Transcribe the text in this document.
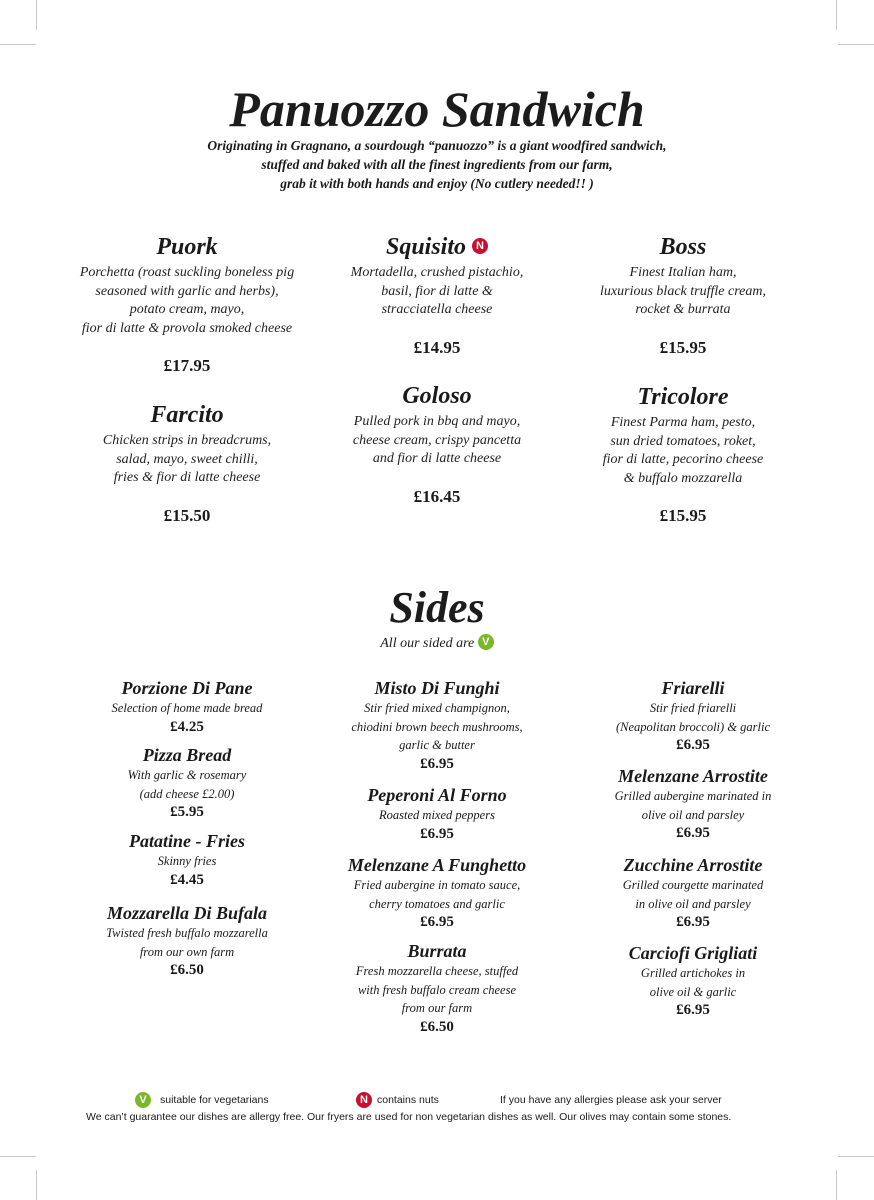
Panuozzo Sandwich
Originating in Gragnano, a sourdough “panuozzo” is a giant woodfired sandwich,
stuffed and baked with all the finest ingredients from our farm,
grab it with both hands and enjoy (No cutlery needed!! )
Puork
Porchetta (roast suckling boneless pig
seasoned with garlic and herbs),
potato cream, mayo,
fior di latte & provola smoked cheese
£17.95
Squisito N
Mortadella, crushed pistachio,
basil, fior di latte &
stracciatella cheese
£14.95
Boss
Finest Italian ham,
luxurious black truffle cream,
rocket & burrata
£15.95
Farcito
Chicken strips in breadcrums,
salad, mayo, sweet chilli,
fries & fior di latte cheese
£15.50
Goloso
Pulled pork in bbq and mayo,
cheese cream, crispy pancetta
and fior di latte cheese
£16.45
Tricolore
Finest Parma ham, pesto,
sun dried tomatoes, roket,
fior di latte, pecorino cheese
& buffalo mozzarella
£15.95
Sides
All our sided are V
Porzione Di Pane
Selection of home made bread
£4.25
Pizza Bread
With garlic & rosemary
(add cheese £2.00)
£5.95
Patatine - Fries
Skinny fries
£4.45
Mozzarella Di Bufala
Twisted fresh buffalo mozzarella
from our own farm
£6.50
Misto Di Funghi
Stir fried mixed champignon,
chiodini brown beech mushrooms,
garlic & butter
£6.95
Peperoni Al Forno
Roasted mixed peppers
£6.95
Melenzane A Funghetto
Fried aubergine in tomato sauce,
cherry tomatoes and garlic
£6.95
Burrata
Fresh mozzarella cheese, stuffed
with fresh buffalo cream cheese
from our farm
£6.50
Friarelli
Stir fried friarelli
(Neapolitan broccoli) & garlic
£6.95
Melenzane Arrostite
Grilled aubergine marinated in
olive oil and parsley
£6.95
Zucchine Arrostite
Grilled courgette marinated
in olive oil and parsley
£6.95
Carciofi Grigliati
Grilled artichokes in
olive oil & garlic
£6.95
V	suitable for vegetarians	N contains nuts	If you have any allergies please ask your server
We can’t guarantee our dishes are allergy free. Our fryers are used for non vegetarian dishes as well. Our olives may contain some stones.
